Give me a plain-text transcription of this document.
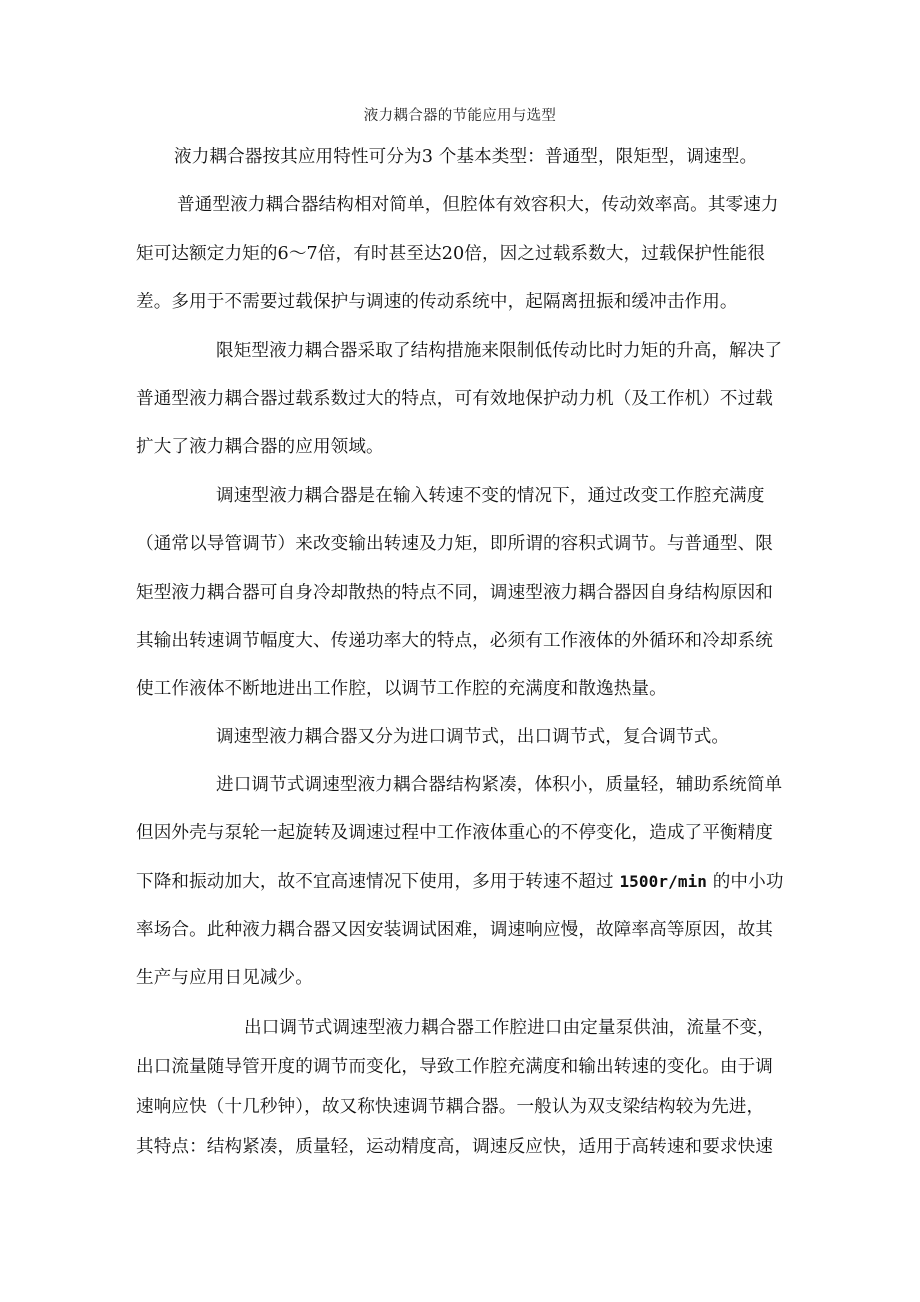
液力耦合器的节能应用与选型
液力耦合器按其应用特性可分为3 个基本类型：普通型，限矩型，调速型。
普通型液力耦合器结构相对简单，但腔体有效容积大，传动效率高。其零速力
矩可达额定力矩的6～7倍，有时甚至达20倍，因之过载系数大，过载保护性能很
差。多用于不需要过载保护与调速的传动系统中，起隔离扭振和缓冲击作用。
限矩型液力耦合器采取了结构措施来限制低传动比时力矩的升高，解决了
普通型液力耦合器过载系数过大的特点，可有效地保护动力机（及工作机）不过载
扩大了液力耦合器的应用领域。
调速型液力耦合器是在输入转速不变的情况下，通过改变工作腔充满度
（通常以导管调节）来改变输出转速及力矩，即所谓的容积式调节。与普通型、限
矩型液力耦合器可自身冷却散热的特点不同，调速型液力耦合器因自身结构原因和
其输出转速调节幅度大、传递功率大的特点，必须有工作液体的外循环和冷却系统
使工作液体不断地进出工作腔，以调节工作腔的充满度和散逸热量。
调速型液力耦合器又分为进口调节式，出口调节式，复合调节式。
进口调节式调速型液力耦合器结构紧凑，体积小，质量轻，辅助系统简单
但因外壳与泵轮一起旋转及调速过程中工作液体重心的不停变化，造成了平衡精度
下降和振动加大，故不宜高速情况下使用，多用于转速不超过 1500r/min 的中小功
率场合。此种液力耦合器又因安装调试困难，调速响应慢，故障率高等原因，故其
生产与应用日见减少。
出口调节式调速型液力耦合器工作腔进口由定量泵供油，流量不变，
出口流量随导管开度的调节而变化，导致工作腔充满度和输出转速的变化。由于调
速响应快（十几秒钟），故又称快速调节耦合器。一般认为双支梁结构较为先进，
其特点：结构紧凑，质量轻，运动精度高，调速反应快，适用于高转速和要求快速
